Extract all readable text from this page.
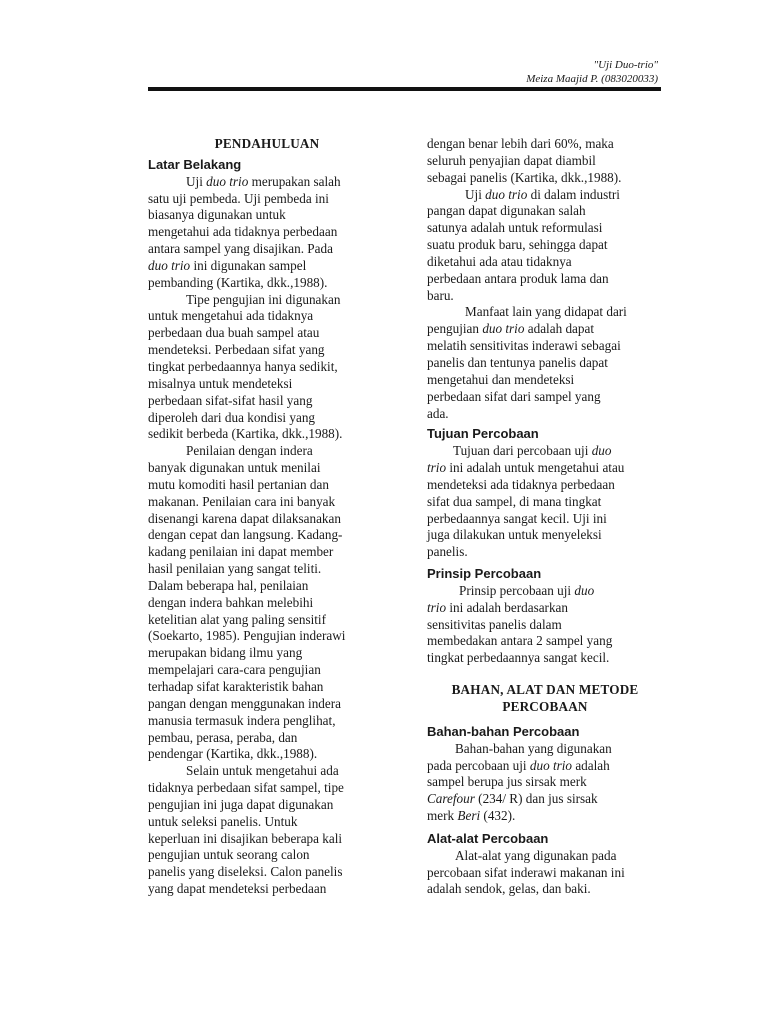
"Uji Duo-trio"
Meiza Maajid P. (083020033)
PENDAHULUAN
Latar Belakang
Uji duo trio merupakan salah
satu uji pembeda. Uji pembeda ini
biasanya digunakan untuk
mengetahui ada tidaknya perbedaan
antara sampel yang disajikan. Pada
duo trio ini digunakan sampel
pembanding (Kartika, dkk.,1988).
Tipe pengujian ini digunakan
untuk mengetahui ada tidaknya
perbedaan dua buah sampel atau
mendeteksi. Perbedaan sifat yang
tingkat perbedaannya hanya sedikit,
misalnya untuk mendeteksi
perbedaan sifat-sifat hasil yang
diperoleh dari dua kondisi yang
sedikit berbeda (Kartika, dkk.,1988).
Penilaian dengan indera
banyak digunakan untuk menilai
mutu komoditi hasil pertanian dan
makanan. Penilaian cara ini banyak
disenangi karena dapat dilaksanakan
dengan cepat dan langsung. Kadang-
kadang penilaian ini dapat member
hasil penilaian yang sangat teliti.
Dalam beberapa hal, penilaian
dengan indera bahkan melebihi
ketelitian alat yang paling sensitif
(Soekarto, 1985). Pengujian inderawi
merupakan bidang ilmu yang
mempelajari cara-cara pengujian
terhadap sifat karakteristik bahan
pangan dengan menggunakan indera
manusia termasuk indera penglihat,
pembau, perasa, peraba, dan
pendengar (Kartika, dkk.,1988).
Selain untuk mengetahui ada
tidaknya perbedaan sifat sampel, tipe
pengujian ini juga dapat digunakan
untuk seleksi panelis. Untuk
keperluan ini disajikan beberapa kali
pengujian untuk seorang calon
panelis yang diseleksi. Calon panelis
yang dapat mendeteksi perbedaan
dengan benar lebih dari 60%, maka
seluruh penyajian dapat diambil
sebagai panelis (Kartika, dkk.,1988).
Uji duo trio di dalam industri
pangan dapat digunakan salah
satunya adalah untuk reformulasi
suatu produk baru, sehingga dapat
diketahui ada atau tidaknya
perbedaan antara produk lama dan
baru.
Manfaat lain yang didapat dari
pengujian duo trio adalah dapat
melatih sensitivitas inderawi sebagai
panelis dan tentunya panelis dapat
mengetahui dan mendeteksi
perbedaan sifat dari sampel yang
ada.
Tujuan Percobaan
Tujuan dari percobaan uji duo
trio ini adalah untuk mengetahui atau
mendeteksi ada tidaknya perbedaan
sifat dua sampel, di mana tingkat
perbedaannya sangat kecil. Uji ini
juga dilakukan untuk menyeleksi
panelis.
Prinsip Percobaan
Prinsip percobaan uji duo
trio ini adalah berdasarkan
sensitivitas panelis dalam
membedakan antara 2 sampel yang
tingkat perbedaannya sangat kecil.
BAHAN, ALAT DAN METODE
PERCOBAAN
Bahan-bahan Percobaan
Bahan-bahan yang digunakan
pada percobaan uji duo trio adalah
sampel berupa jus sirsak merk
Carefour (234/ R) dan jus sirsak
merk Beri (432).
Alat-alat Percobaan
Alat-alat yang digunakan pada
percobaan sifat inderawi makanan ini
adalah sendok, gelas, dan baki.
